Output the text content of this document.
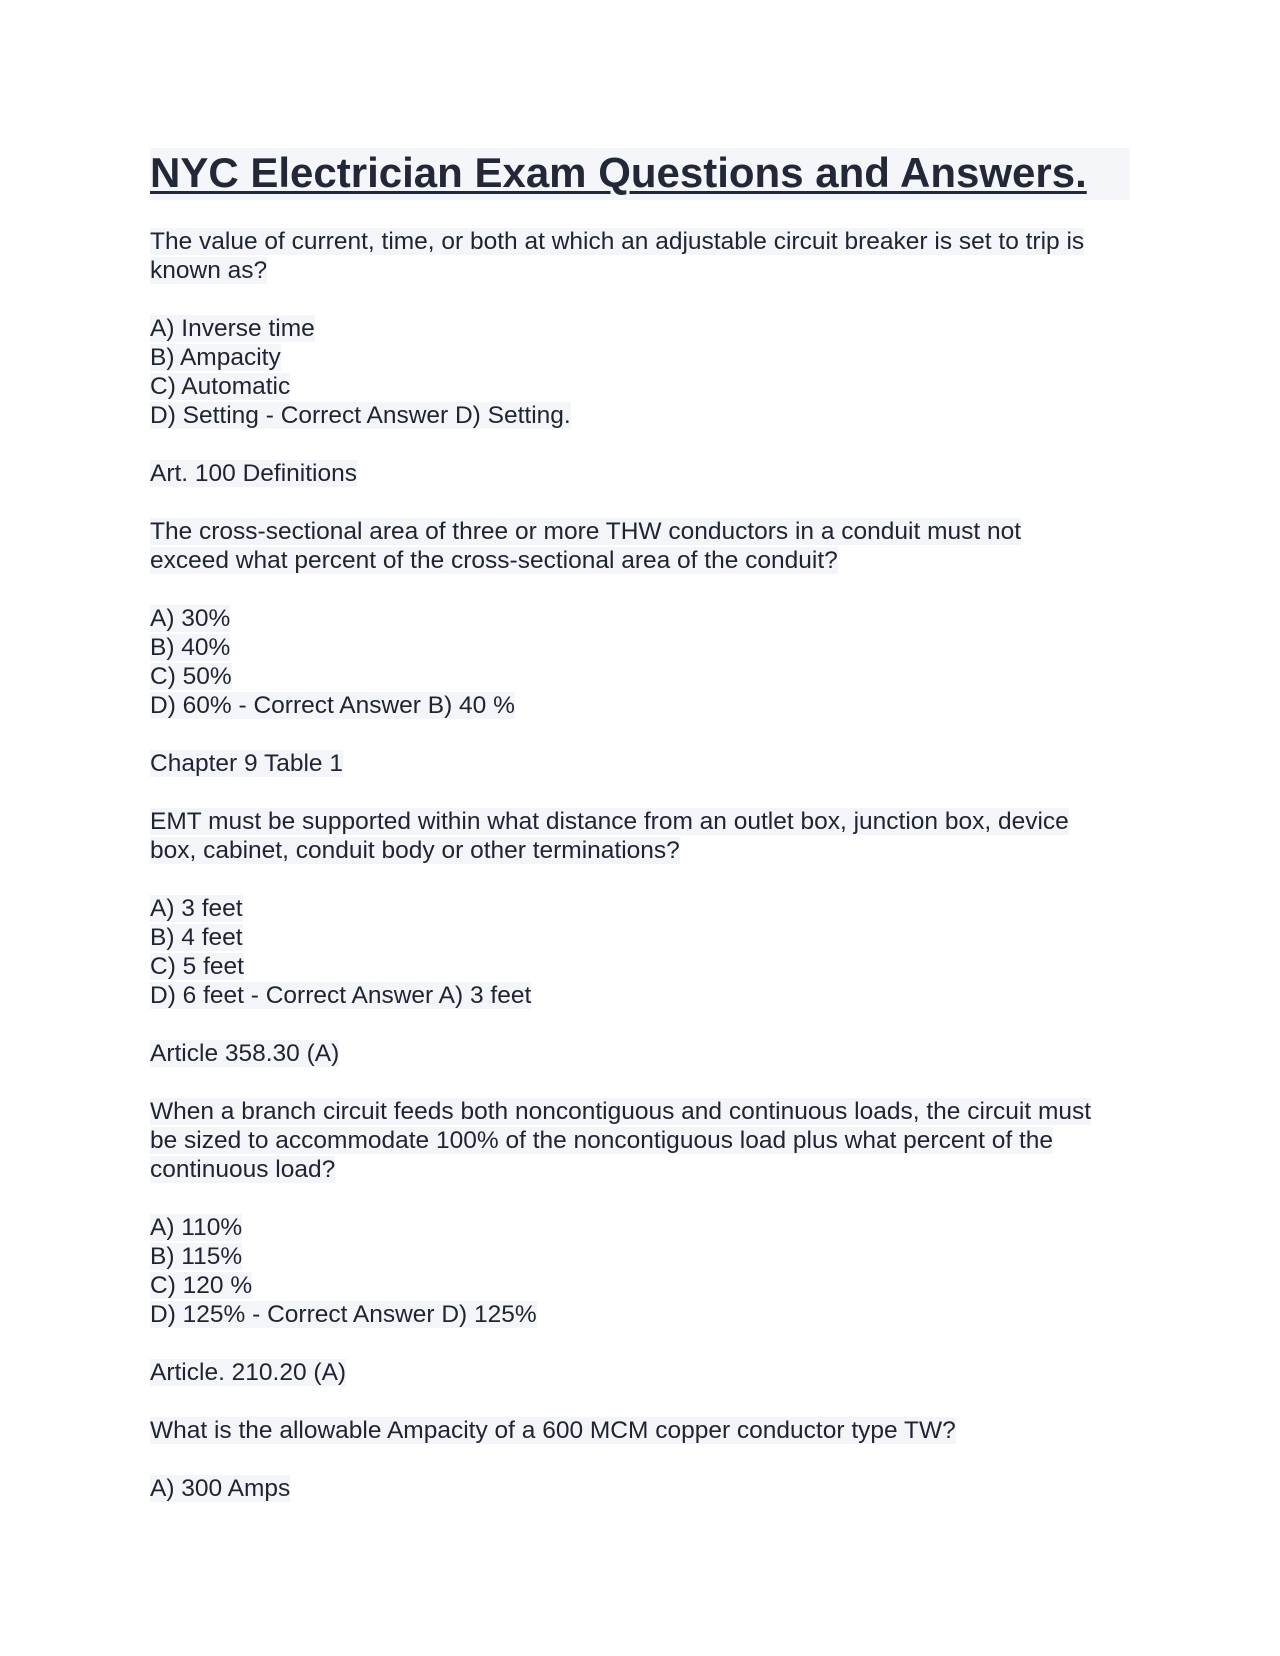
NYC Electrician Exam Questions and Answers.
The value of current, time, or both at which an adjustable circuit breaker is set to trip is
known as?
A) Inverse time
B) Ampacity
C) Automatic
D) Setting - Correct Answer D) Setting.
Art. 100 Definitions
The cross-sectional area of three or more THW conductors in a conduit must not
exceed what percent of the cross-sectional area of the conduit?
A) 30%
B) 40%
C) 50%
D) 60% - Correct Answer B) 40 %
Chapter 9 Table 1
EMT must be supported within what distance from an outlet box, junction box, device
box, cabinet, conduit body or other terminations?
A) 3 feet
B) 4 feet
C) 5 feet
D) 6 feet - Correct Answer A) 3 feet
Article 358.30 (A)
When a branch circuit feeds both noncontiguous and continuous loads, the circuit must
be sized to accommodate 100% of the noncontiguous load plus what percent of the
continuous load?
A) 110%
B) 115%
C) 120 %
D) 125% - Correct Answer D) 125%
Article. 210.20 (A)
What is the allowable Ampacity of a 600 MCM copper conductor type TW?
A) 300 Amps
